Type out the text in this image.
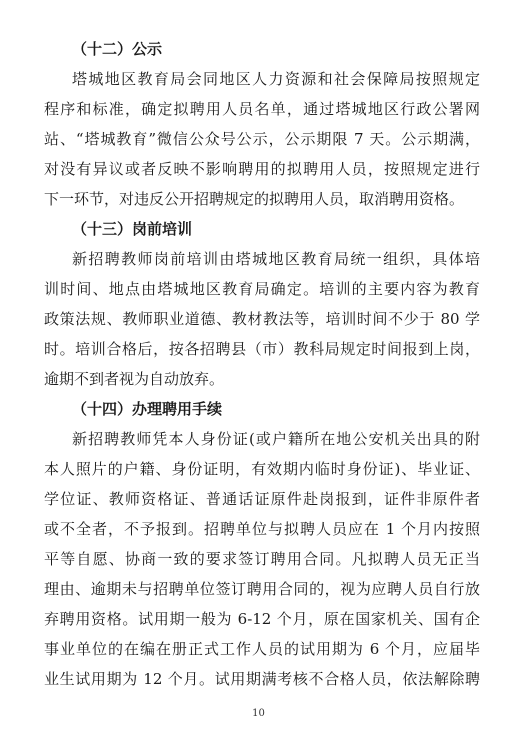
（十二）公示

塔城地区教育局会同地区人力资源和社会保障局按照规定

程序和标准，确定拟聘用人员名单，通过塔城地区行政公署网

站、“塔城教育”微信公众号公示，公示期限 7 天。公示期满，

对没有异议或者反映不影响聘用的拟聘用人员，按照规定进行

下一环节，对违反公开招聘规定的拟聘用人员，取消聘用资格。

（十三）岗前培训

新招聘教师岗前培训由塔城地区教育局统一组织，具体培

训时间、地点由塔城地区教育局确定。培训的主要内容为教育

政策法规、教师职业道德、教材教法等，培训时间不少于 80 学

时。培训合格后，按各招聘县（市）教科局规定时间报到上岗，

逾期不到者视为自动放弃。

（十四）办理聘用手续

新招聘教师凭本人身份证(或户籍所在地公安机关出具的附

本人照片的户籍、身份证明，有效期内临时身份证)、毕业证、

学位证、教师资格证、普通话证原件赴岗报到，证件非原件者

或不全者，不予报到。招聘单位与拟聘人员应在 1 个月内按照

平等自愿、协商一致的要求签订聘用合同。凡拟聘人员无正当

理由、逾期未与招聘单位签订聘用合同的，视为应聘人员自行放

弃聘用资格。试用期一般为 6-12 个月，原在国家机关、国有企

事业单位的在编在册正式工作人员的试用期为 6 个月，应届毕

业生试用期为 12 个月。试用期满考核不合格人员，依法解除聘

10
